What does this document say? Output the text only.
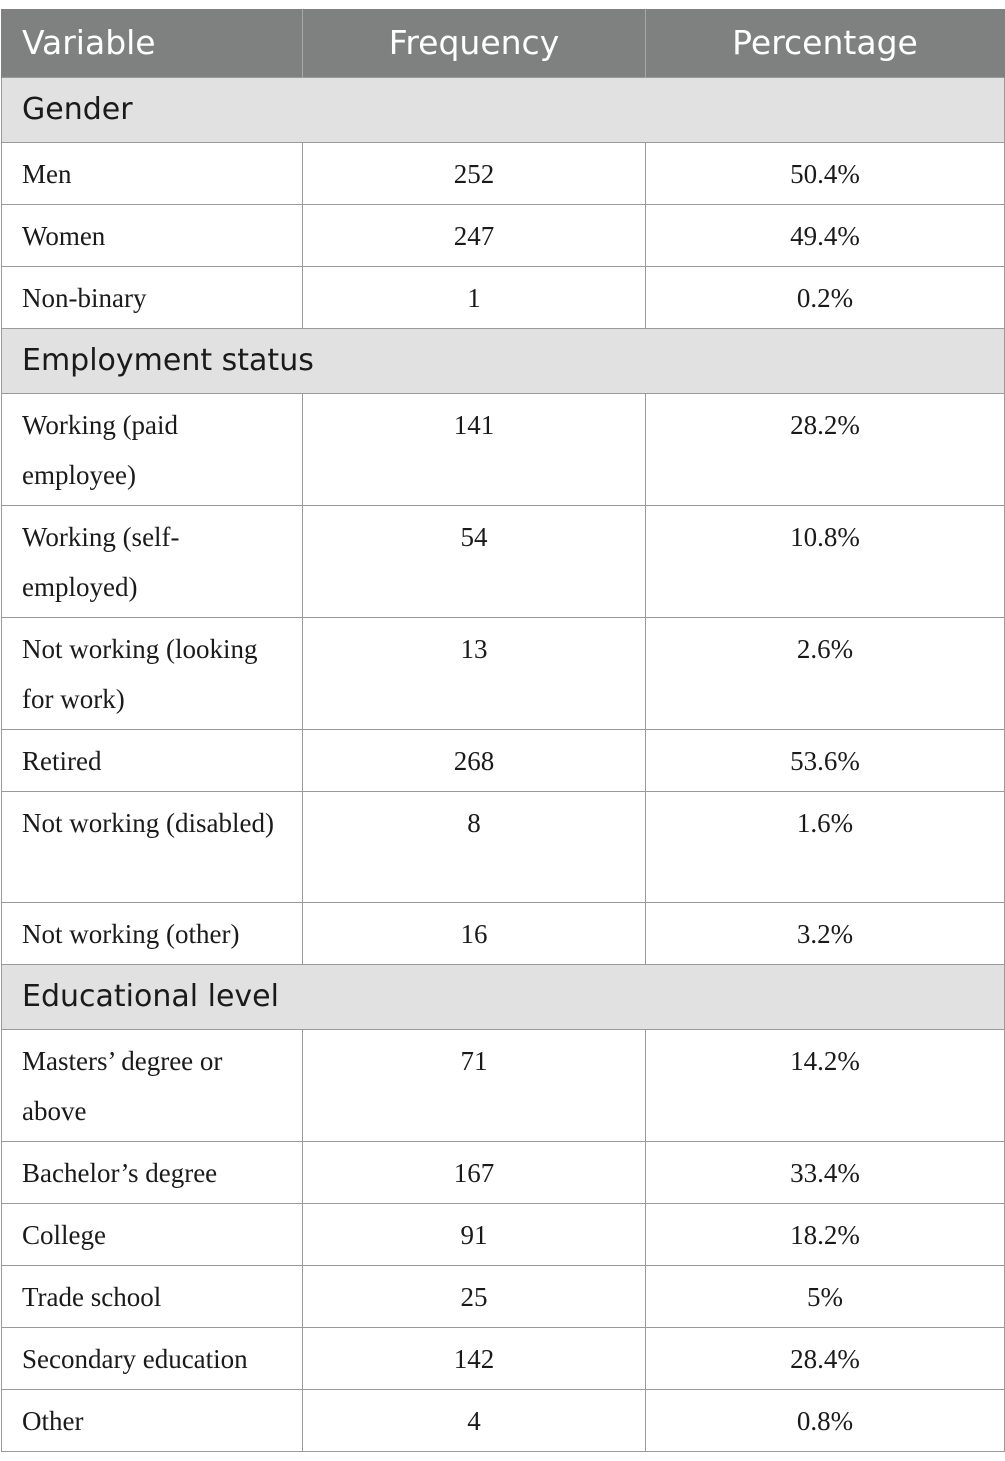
Variable	Frequency	Percentage
Gender		
Men	252	50.4%
Women	247	49.4%
Non-binary	1	0.2%
Employment status		
Working (paid employee)	141	28.2%
Working (self-employed)	54	10.8%
Not working (looking for work)	13	2.6%
Retired	268	53.6%
Not working (disabled)	8	1.6%
Not working (other)	16	3.2%
Educational level		
Masters’ degree or above	71	14.2%
Bachelor’s degree	167	33.4%
College	91	18.2%
Trade school	25	5%
Secondary education	142	28.4%
Other	4	0.8%
